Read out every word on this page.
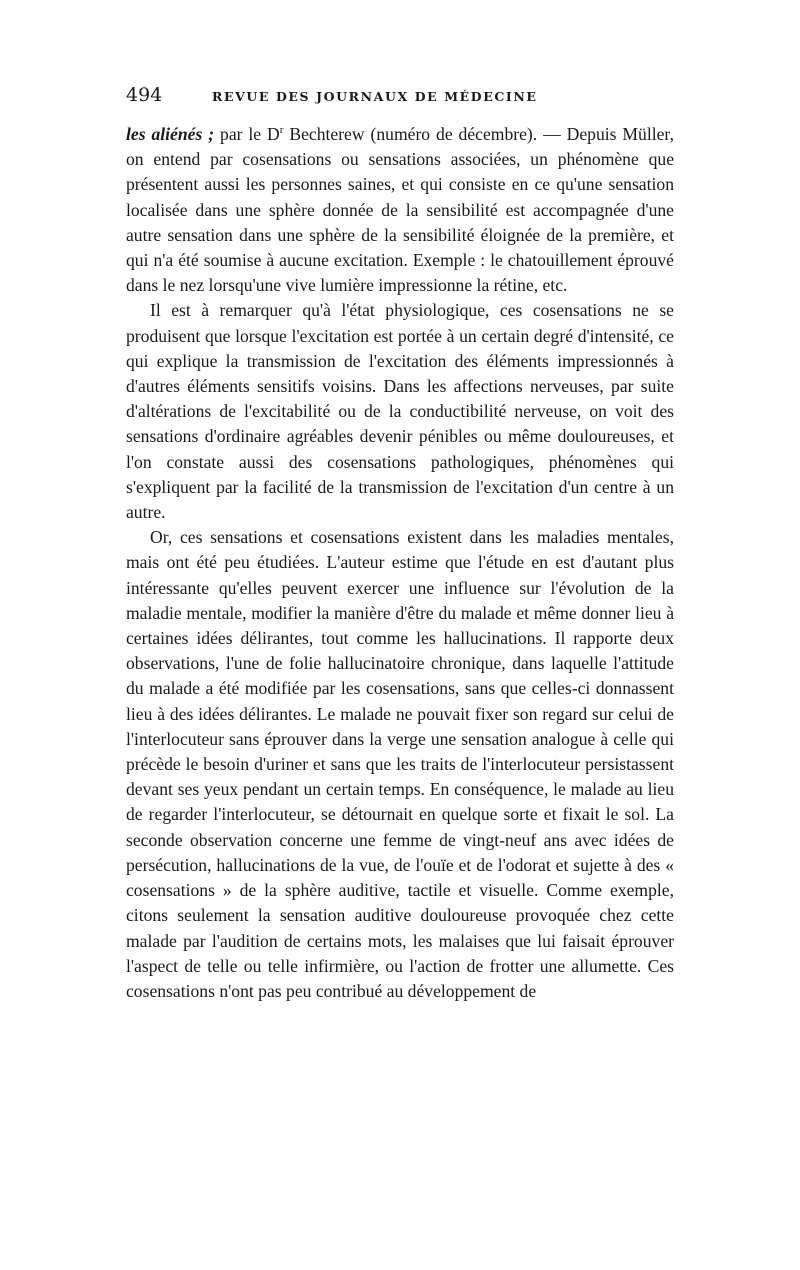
494	REVUE DES JOURNAUX DE MÉDECINE

les aliénés ; par le $D^r$ Bechterew (numéro de décembre). — Depuis Müller, on entend par cosensations ou sensations associées, un phénomène que présentent aussi les personnes saines, et qui consiste en ce qu'une sensation localisée dans une sphère donnée de la sensibilité est accompagnée d'une autre sensation dans une sphère de la sensibilité éloignée de la première, et qui n'a été soumise à aucune excitation. Exemple : le chatouillement éprouvé dans le nez lorsqu'une vive lumière impressionne la rétine, etc.

Il est à remarquer qu'à l'état physiologique, ces cosensations ne se produisent que lorsque l'excitation est portée à un certain degré d'intensité, ce qui explique la transmission de l'excitation des éléments impressionnés à d'autres éléments sensitifs voisins. Dans les affections nerveuses, par suite d'altérations de l'excitabilité ou de la conductibilité nerveuse, on voit des sensations d'ordinaire agréables devenir pénibles ou même douloureuses, et l'on constate aussi des cosensations pathologiques, phénomènes qui s'expliquent par la facilité de la transmission de l'excitation d'un centre à un autre.

Or, ces sensations et cosensations existent dans les maladies mentales, mais ont été peu étudiées. L'auteur estime que l'étude en est d'autant plus intéressante qu'elles peuvent exercer une influence sur l'évolution de la maladie mentale, modifier la manière d'être du malade et même donner lieu à certaines idées délirantes, tout comme les hallucinations. Il rapporte deux observations, l'une de folie hallucinatoire chronique, dans laquelle l'attitude du malade a été modifiée par les cosensations, sans que celles-ci donnassent lieu à des idées délirantes. Le malade ne pouvait fixer son regard sur celui de l'interlocuteur sans éprouver dans la verge une sensation analogue à celle qui précède le besoin d'uriner et sans que les traits de l'interlocuteur persistassent devant ses yeux pendant un certain temps. En conséquence, le malade au lieu de regarder l'interlocuteur, se détournait en quelque sorte et fixait le sol. La seconde observation concerne une femme de vingt-neuf ans avec idées de persécution, hallucinations de la vue, de l'ouïe et de l'odorat et sujette à des « cosensations » de la sphère auditive, tactile et visuelle. Comme exemple, citons seulement la sensation auditive douloureuse provoquée chez cette malade par l'audition de certains mots, les malaises que lui faisait éprouver l'aspect de telle ou telle infirmière, ou l'action de frotter une allumette. Ces cosensations n'ont pas peu contribué au développement de
